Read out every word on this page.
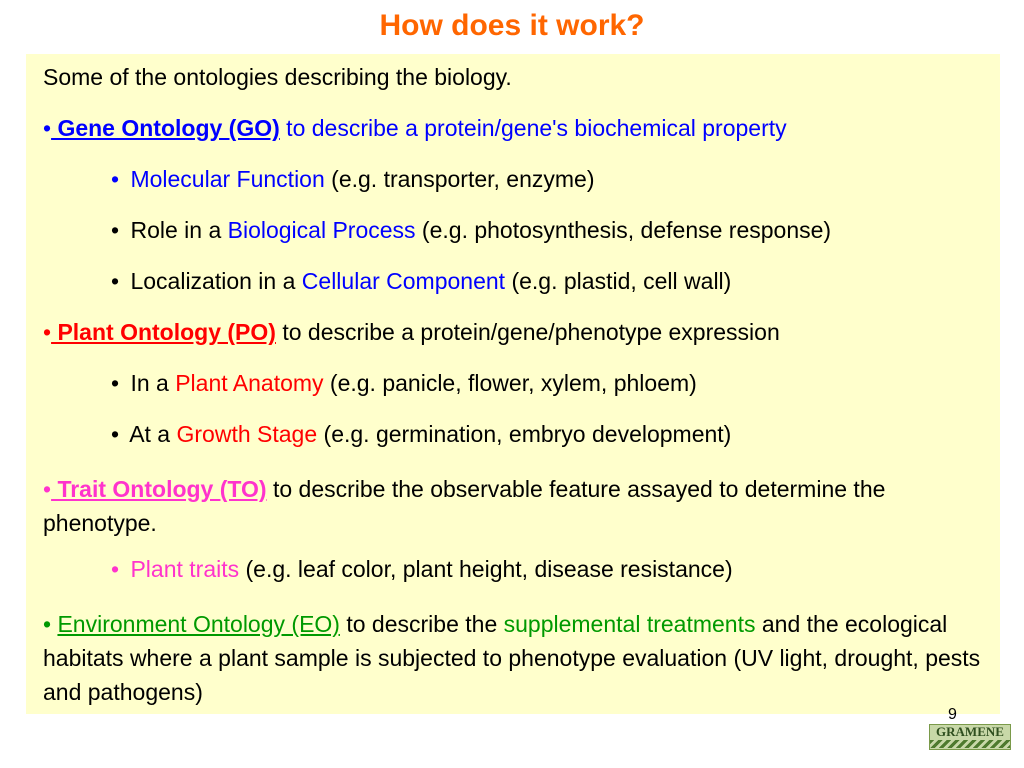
How does it work?
Some of the ontologies describing the biology.
• Gene Ontology (GO) to describe a protein/gene's biochemical property
• Molecular Function (e.g. transporter, enzyme)
• Role in a Biological Process (e.g. photosynthesis, defense response)
• Localization in a Cellular Component (e.g. plastid, cell wall)
• Plant Ontology (PO) to describe a protein/gene/phenotype expression
• In a Plant Anatomy (e.g. panicle, flower, xylem, phloem)
• At a Growth Stage (e.g. germination, embryo development)
• Trait Ontology (TO) to describe the observable feature assayed to determine the phenotype.
• Plant traits (e.g. leaf color, plant height, disease resistance)
• Environment Ontology (EO) to describe the supplemental treatments and the ecological habitats where a plant sample is subjected to phenotype evaluation (UV light, drought, pests and pathogens)
9
GRAMENE
